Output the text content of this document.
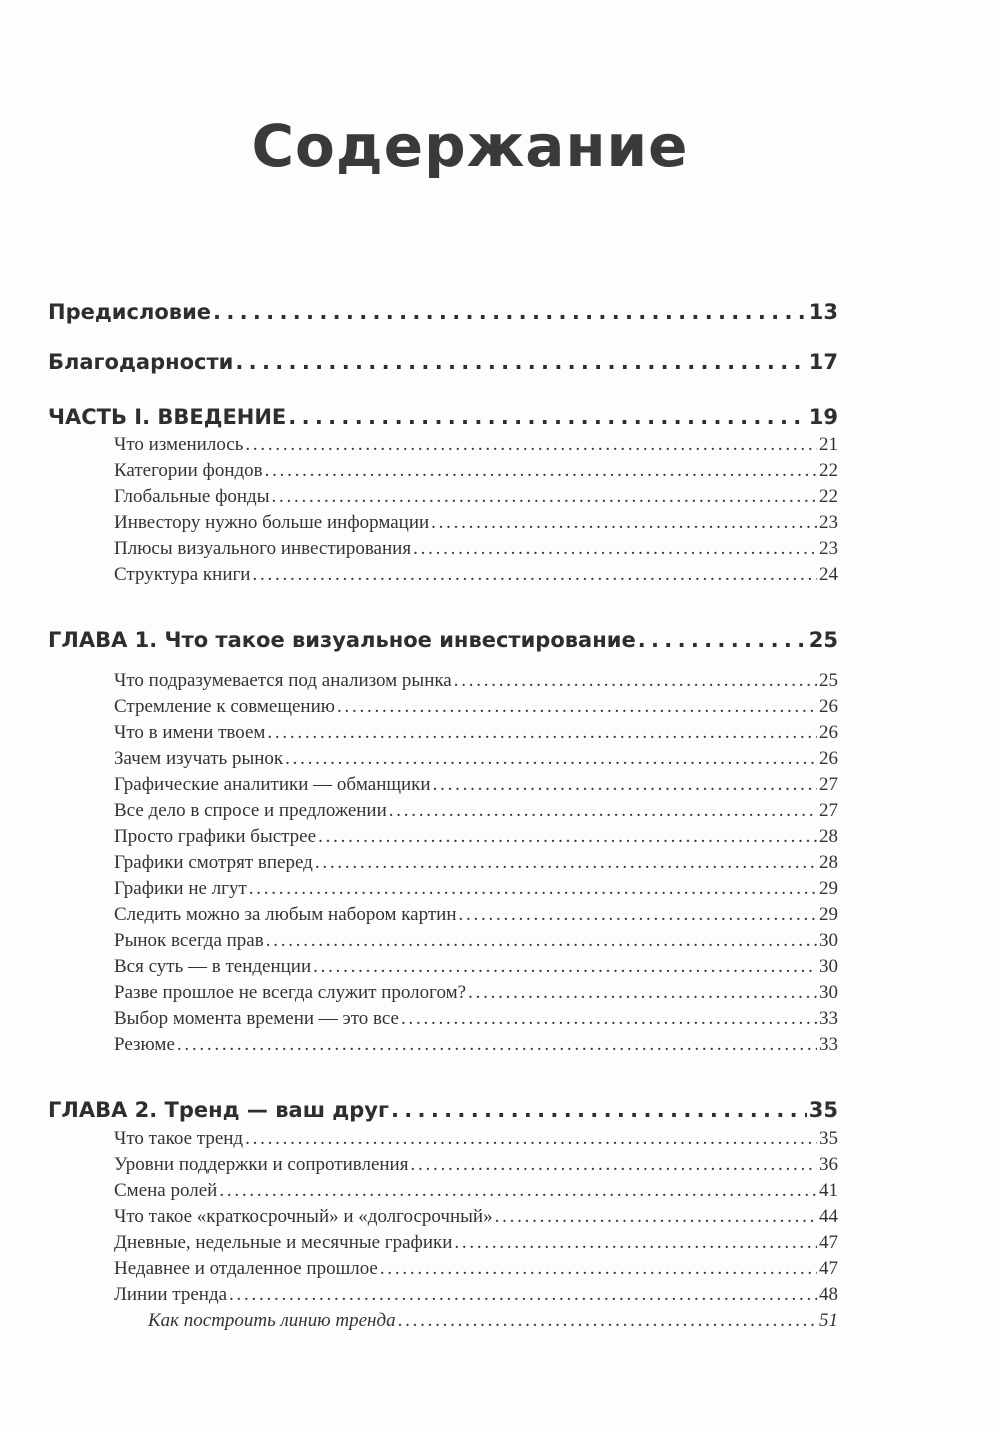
Содержание
Предисловие . . .	13
Благодарности . . .	17
ЧАСТЬ I. ВВЕДЕНИЕ . . .	19
Что изменилось . . .	21
Категории фондов . . .	22
Глобальные фонды . . .	22
Инвестору нужно больше информации . . .	23
Плюсы визуального инвестирования . . .	23
Структура книги . . .	24
ГЛАВА 1. Что такое визуальное инвестирование . . .	25
Что подразумевается под анализом рынка . . .	25
Стремление к совмещению . . .	26
Что в имени твоем . . .	26
Зачем изучать рынок . . .	26
Графические аналитики — обманщики . . .	27
Все дело в спросе и предложении . . .	27
Просто графики быстрее . . .	28
Графики смотрят вперед . . .	28
Графики не лгут . . .	29
Следить можно за любым набором картин . . .	29
Рынок всегда прав . . .	30
Вся суть — в тенденции . . .	30
Разве прошлое не всегда служит прологом? . . .	30
Выбор момента времени — это все . . .	33
Резюме . . .	33
ГЛАВА 2. Тренд — ваш друг . . .	35
Что такое тренд . . .	35
Уровни поддержки и сопротивления . . .	36
Смена ролей . . .	41
Что такое «краткосрочный» и «долгосрочный» . . .	44
Дневные, недельные и месячные графики . . .	47
Недавнее и отдаленное прошлое . . .	47
Линии тренда . . .	48
Как построить линию тренда . . .	51
